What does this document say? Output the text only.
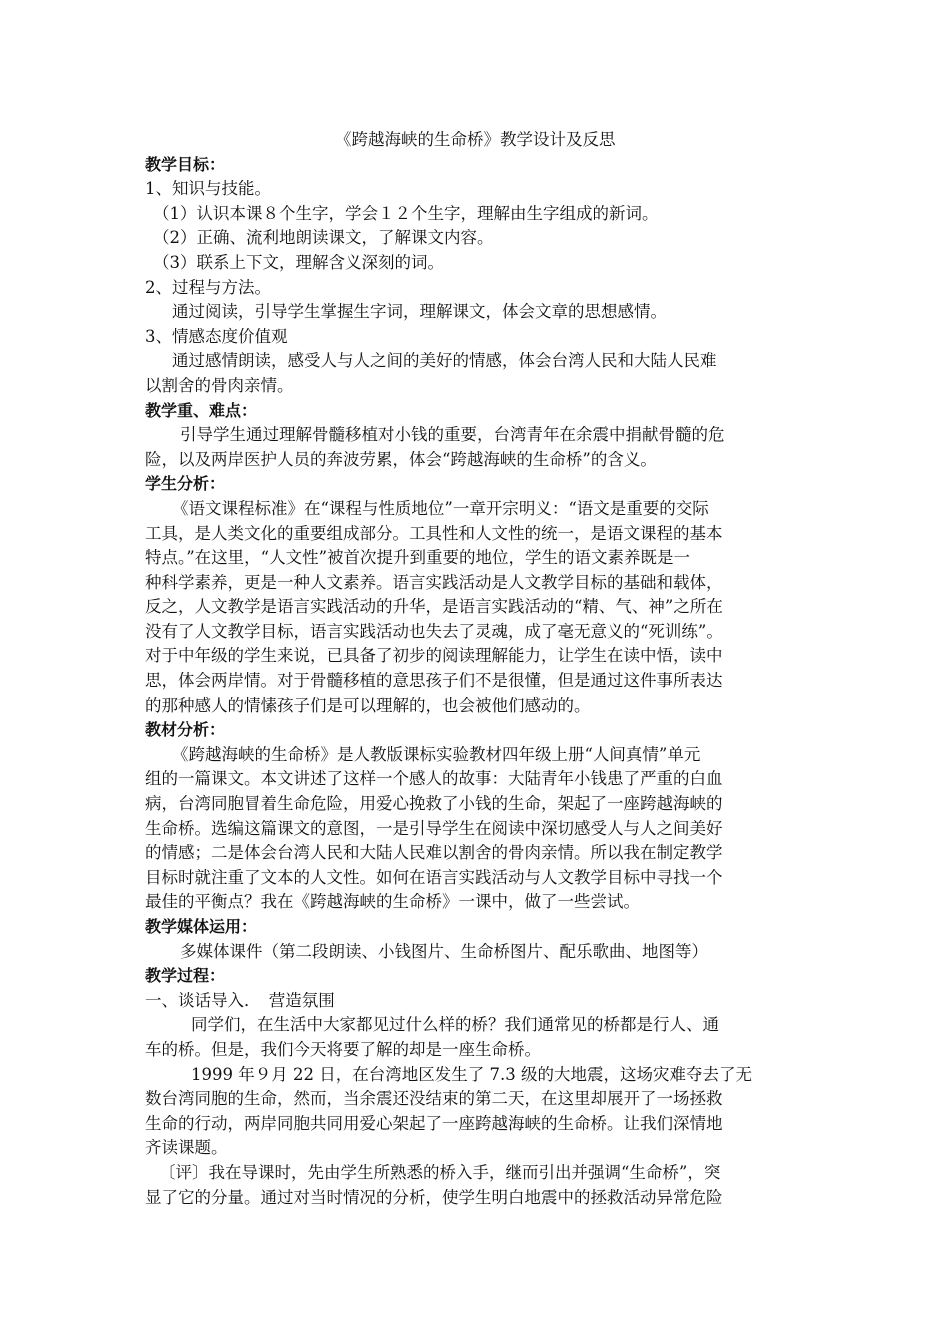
《跨越海峡的生命桥》教学设计及反思
教学目标：
1、知识与技能。
（1）认识本课８个生字，学会１２个生字，理解由生字组成的新词。
（2）正确、流利地朗读课文，了解课文内容。
（3）联系上下文，理解含义深刻的词。
2、过程与方法。
通过阅读，引导学生掌握生字词，理解课文，体会文章的思想感情。
3、情感态度价值观
通过感情朗读，感受人与人之间的美好的情感，体会台湾人民和大陆人民难
以割舍的骨肉亲情。
教学重、难点：
引导学生通过理解骨髓移植对小钱的重要，台湾青年在余震中捐献骨髓的危
险，以及两岸医护人员的奔波劳累，体会“跨越海峡的生命桥”的含义。
学生分析：
《语文课程标准》在“课程与性质地位”一章开宗明义：“语文是重要的交际
工具，是人类文化的重要组成部分。工具性和人文性的统一，是语文课程的基本
特点。”在这里，“人文性”被首次提升到重要的地位，学生的语文素养既是一
种科学素养，更是一种人文素养。语言实践活动是人文教学目标的基础和载体，
反之，人文教学是语言实践活动的升华，是语言实践活动的“精、气、神”之所在
没有了人文教学目标，语言实践活动也失去了灵魂，成了毫无意义的“死训练”。
对于中年级的学生来说，已具备了初步的阅读理解能力，让学生在读中悟，读中
思，体会两岸情。对于骨髓移植的意思孩子们不是很懂，但是通过这件事所表达
的那种感人的情愫孩子们是可以理解的，也会被他们感动的。
教材分析：
《跨越海峡的生命桥》是人教版课标实验教材四年级上册“人间真情”单元
组的一篇课文。本文讲述了这样一个感人的故事：大陆青年小钱患了严重的白血
病，台湾同胞冒着生命危险，用爱心挽救了小钱的生命，架起了一座跨越海峡的
生命桥。选编这篇课文的意图，一是引导学生在阅读中深切感受人与人之间美好
的情感；二是体会台湾人民和大陆人民难以割舍的骨肉亲情。所以我在制定教学
目标时就注重了文本的人文性。如何在语言实践活动与人文教学目标中寻找一个
最佳的平衡点？我在《跨越海峡的生命桥》一课中，做了一些尝试。
教学媒体运用：
多媒体课件（第二段朗读、小钱图片、生命桥图片、配乐歌曲、地图等）
教学过程：
一、谈话导入．　营造氛围
同学们，在生活中大家都见过什么样的桥？我们通常见的桥都是行人、通
车的桥。但是，我们今天将要了解的却是一座生命桥。
1999 年９月 22 日，在台湾地区发生了 7.3 级的大地震，这场灾难夺去了无
数台湾同胞的生命，然而，当余震还没结束的第二天，在这里却展开了一场拯救
生命的行动，两岸同胞共同用爱心架起了一座跨越海峡的生命桥。让我们深情地
齐读课题。
〔评〕我在导课时，先由学生所熟悉的桥入手，继而引出并强调“生命桥”，突
显了它的分量。通过对当时情况的分析，使学生明白地震中的拯救活动异常危险
